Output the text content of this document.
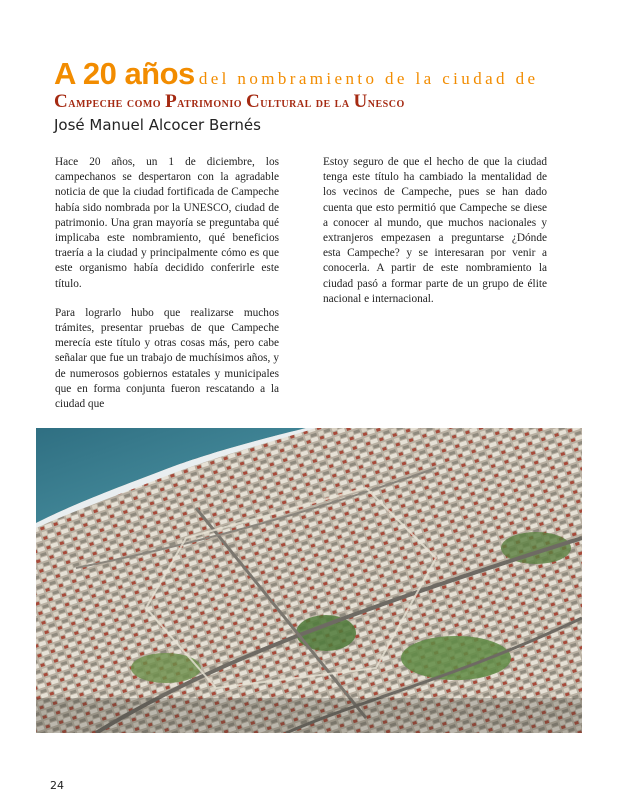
A 20 años del nombramiento de la ciudad de
Campeche como Patrimonio Cultural de la Unesco
José Manuel Alcocer Bernés

Hace 20 años, un 1 de diciembre, los campechanos se despertaron con la agradable noticia de que la ciudad fortificada de Campeche había sido nombrada por la UNESCO, ciudad de patrimonio. Una gran mayoría se preguntaba qué implicaba este nombramiento, qué beneficios traería a la ciudad y principalmente cómo es que este organismo había decidido conferirle este título.

Para lograrlo hubo que realizarse muchos trámites, presentar pruebas de que Campeche merecía este título y otras cosas más, pero cabe señalar que fue un trabajo de muchísimos años, y de numerosos gobiernos estatales y municipales que en forma conjunta fueron rescatando a la ciudad que

Estoy seguro de que el hecho de que la ciudad tenga este título ha cambiado la mentalidad de los vecinos de Campeche, pues se han dado cuenta que esto permitió que Campeche se diese a conocer al mundo, que muchos nacionales y extranjeros empezasen a preguntarse ¿Dónde esta Campeche? y se interesaran por venir a conocerla. A partir de este nombramiento la ciudad pasó a formar parte de un grupo de élite nacional e internacional.

24
